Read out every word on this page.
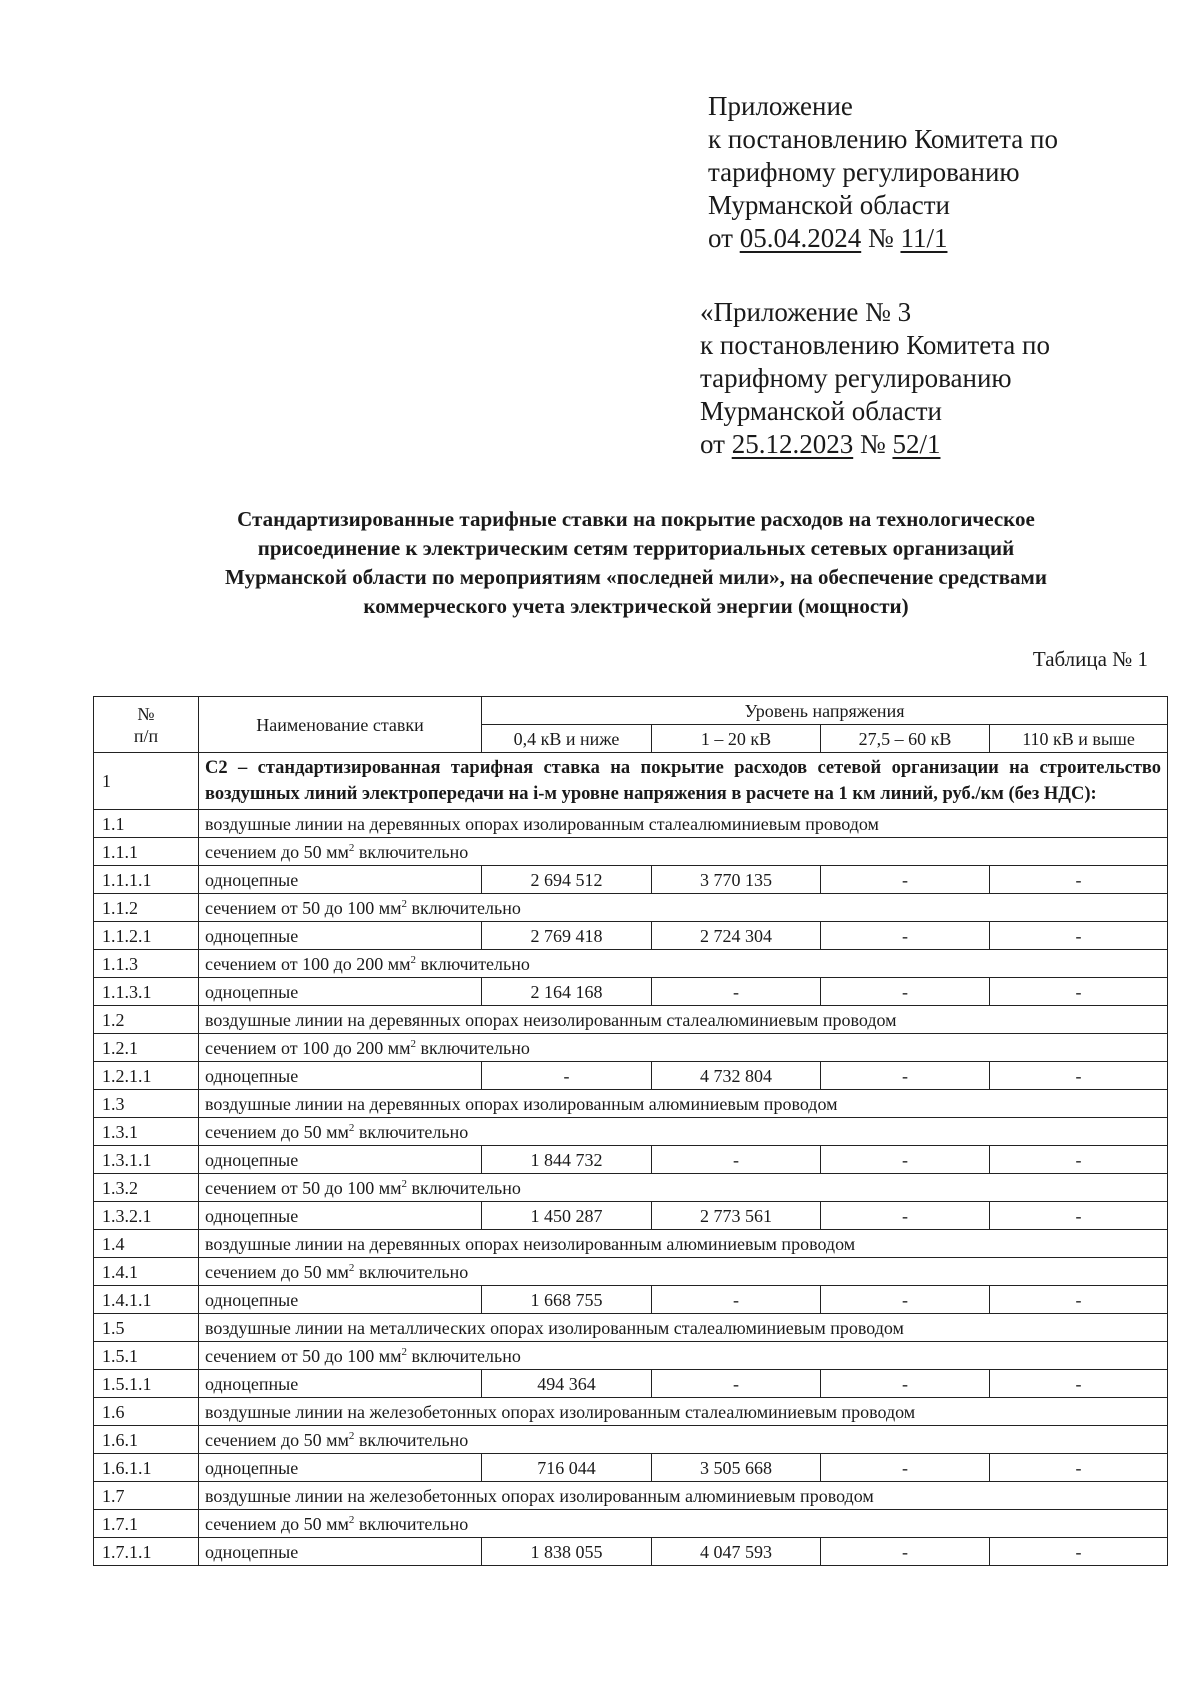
Приложение
к постановлению Комитета по
тарифному регулированию
Мурманской области
от 05.04.2024 № 11/1
«Приложение № 3
к постановлению Комитета по
тарифному регулированию
Мурманской области
от 25.12.2023 № 52/1
Стандартизированные тарифные ставки на покрытие расходов на технологическое
присоединение к электрическим сетям территориальных сетевых организаций
Мурманской области по мероприятиям «последней мили», на обеспечение средствами
коммерческого учета электрической энергии (мощности)
Таблица № 1
№
п/п	Наименование ставки	Уровень напряжения			
		0,4 кВ и ниже	1 – 20 кВ	27,5 – 60 кВ	110 кВ и выше
1	С2 – стандартизированная тарифная ставка на покрытие расходов сетевой организации на строительство воздушных линий электропередачи на i-м уровне напряжения в расчете на 1 км линий, руб./км (без НДС):				
1.1	воздушные линии на деревянных опорах изолированным сталеалюминиевым проводом				
1.1.1	сечением до 50 $мм^2$ включительно				
1.1.1.1	одноцепные	2 694 512	3 770 135	-	-
1.1.2	сечением от 50 до 100 $мм^2$ включительно				
1.1.2.1	одноцепные	2 769 418	2 724 304	-	-
1.1.3	сечением от 100 до 200 $мм^2$ включительно				
1.1.3.1	одноцепные	2 164 168	-	-	-
1.2	воздушные линии на деревянных опорах неизолированным сталеалюминиевым проводом				
1.2.1	сечением от 100 до 200 $мм^2$ включительно				
1.2.1.1	одноцепные	-	4 732 804	-	-
1.3	воздушные линии на деревянных опорах изолированным алюминиевым проводом				
1.3.1	сечением до 50 $мм^2$ включительно				
1.3.1.1	одноцепные	1 844 732	-	-	-
1.3.2	сечением от 50 до 100 $мм^2$ включительно				
1.3.2.1	одноцепные	1 450 287	2 773 561	-	-
1.4	воздушные линии на деревянных опорах неизолированным алюминиевым проводом				
1.4.1	сечением до 50 $мм^2$ включительно				
1.4.1.1	одноцепные	1 668 755	-	-	-
1.5	воздушные линии на металлических опорах изолированным сталеалюминиевым проводом				
1.5.1	сечением от 50 до 100 $мм^2$ включительно				
1.5.1.1	одноцепные	494 364	-	-	-
1.6	воздушные линии на железобетонных опорах изолированным сталеалюминиевым проводом				
1.6.1	сечением до 50 $мм^2$ включительно				
1.6.1.1	одноцепные	716 044	3 505 668	-	-
1.7	воздушные линии на железобетонных опорах изолированным алюминиевым проводом				
1.7.1	сечением до 50 $мм^2$ включительно				
1.7.1.1	одноцепные	1 838 055	4 047 593	-	-
